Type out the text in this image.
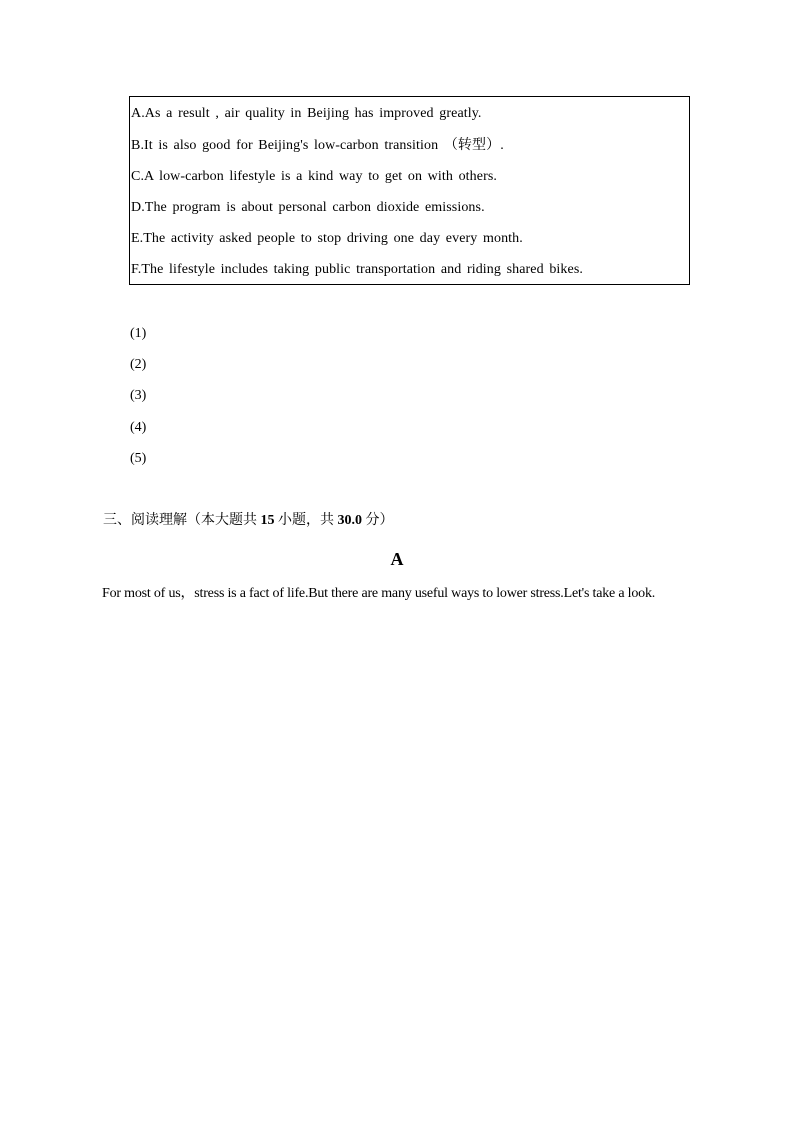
A.As a result , air quality in Beijing has improved greatly.
B.It is also good for Beijing's low-carbon transition （转型）.
C.A low-carbon lifestyle is a kind way to get on with others.
D.The program is about personal carbon dioxide emissions.
E.The activity asked people to stop driving one day every month.
F.The lifestyle includes taking public transportation and riding shared bikes.
(1)
(2)
(3)
(4)
(5)
三、阅读理解（本大题共 15 小题，共 30.0 分）
A
For most of us，stress is a fact of life.But there are many useful ways to lower stress.Let's take a look.
